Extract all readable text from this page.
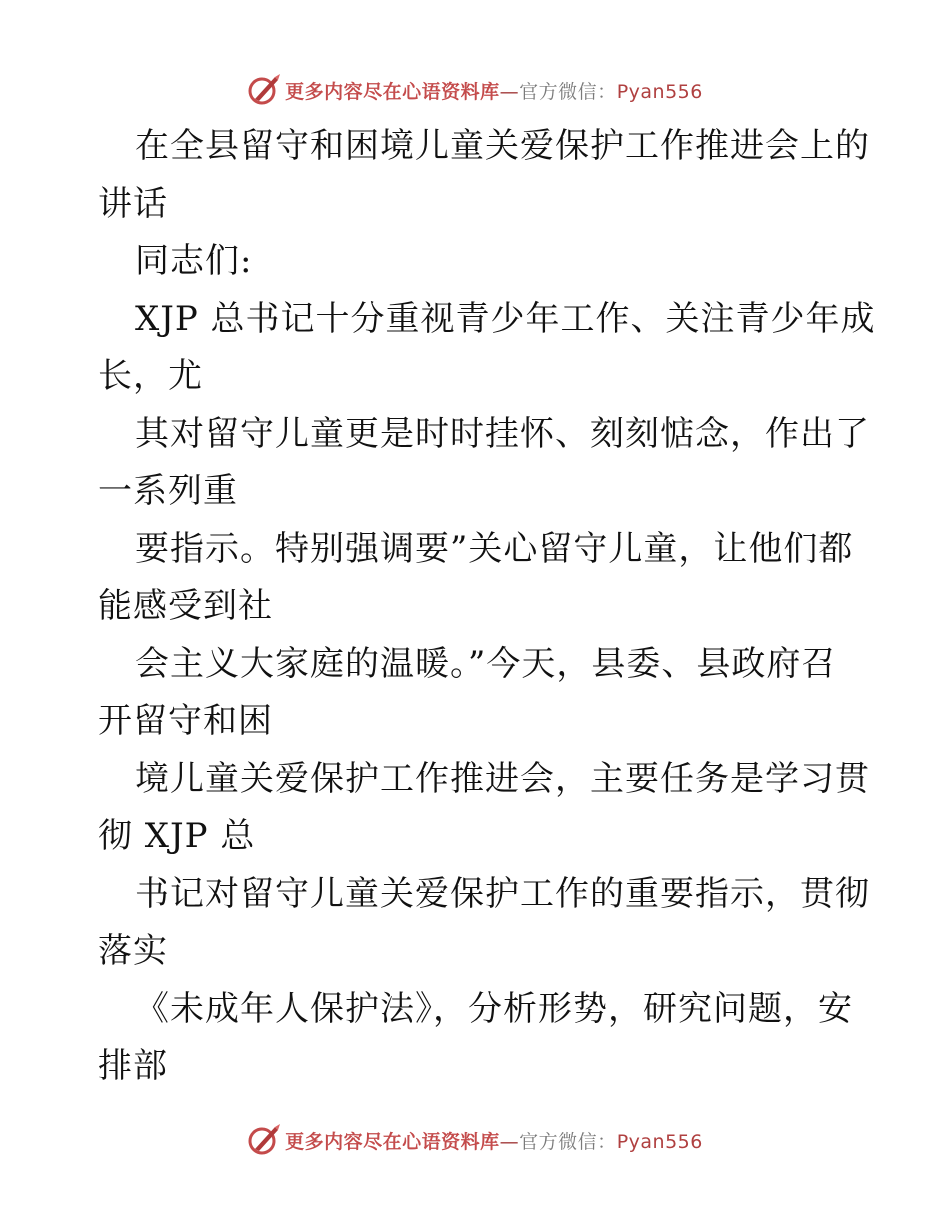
更多内容尽在心语资料库—官方微信：Pyan556
在全县留守和困境儿童关爱保护工作推进会上的
讲话
同志们:
XJP 总书记十分重视青少年工作、关注青少年成
长，尤
其对留守儿童更是时时挂怀、刻刻惦念，作出了
一系列重
要指示。特别强调要”关心留守儿童，让他们都
能感受到社
会主义大家庭的温暖。”今天，县委、县政府召
开留守和困
境儿童关爱保护工作推进会，主要任务是学习贯
彻 XJP 总
书记对留守儿童关爱保护工作的重要指示，贯彻
落实
《未成年人保护法》，分析形势，研究问题，安
排部
更多内容尽在心语资料库—官方微信：Pyan556
